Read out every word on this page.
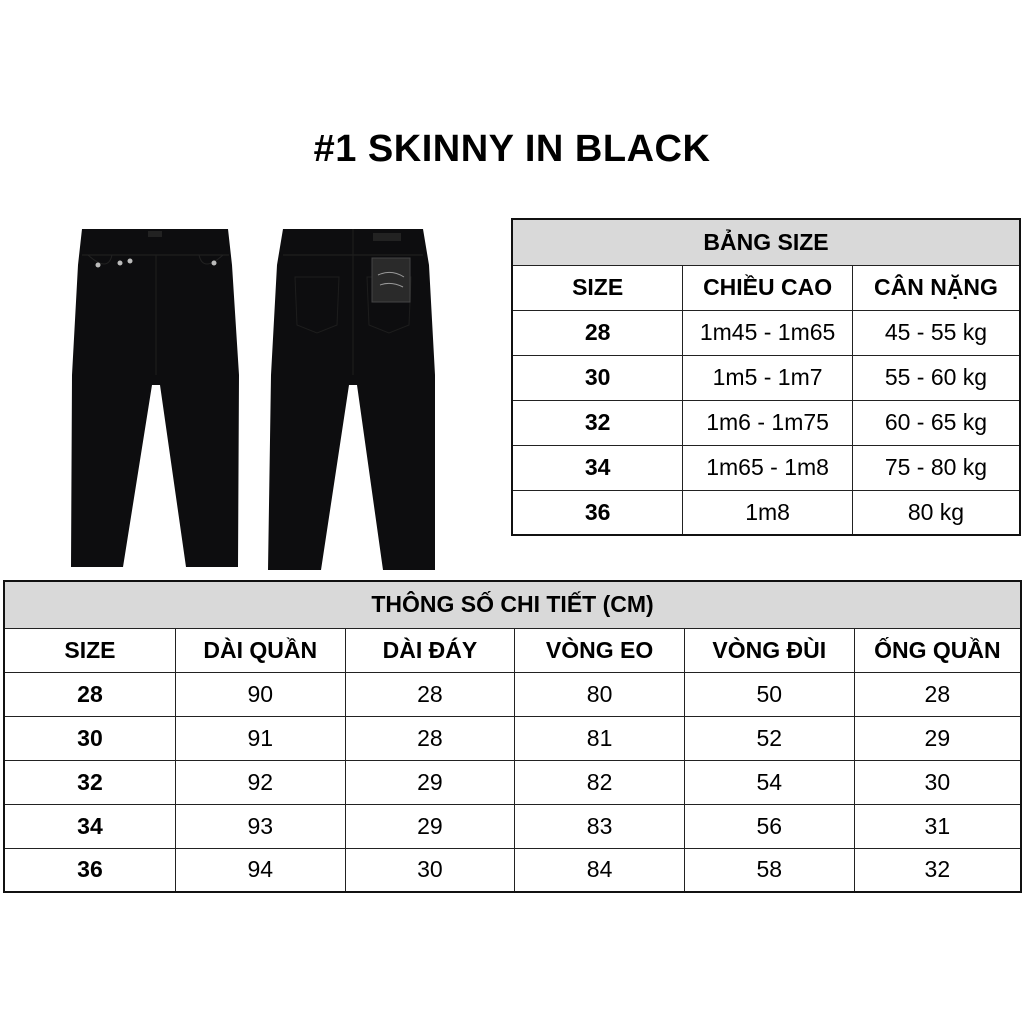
#1 SKINNY IN BLACK
BẢNG SIZE		
SIZE	CHIỀU CAO	CÂN NẶNG
28	1m45 - 1m65	45 - 55 kg
30	1m5 - 1m7	55 - 60 kg
32	1m6 - 1m75	60 - 65 kg
34	1m65 - 1m8	75 - 80 kg
36	1m8	80 kg
THÔNG SỐ CHI TIẾT (CM)					
SIZE	DÀI QUẦN	DÀI ĐÁY	VÒNG EO	VÒNG ĐÙI	ỐNG QUẦN
28	90	28	80	50	28
30	91	28	81	52	29
32	92	29	82	54	30
34	93	29	83	56	31
36	94	30	84	58	32
